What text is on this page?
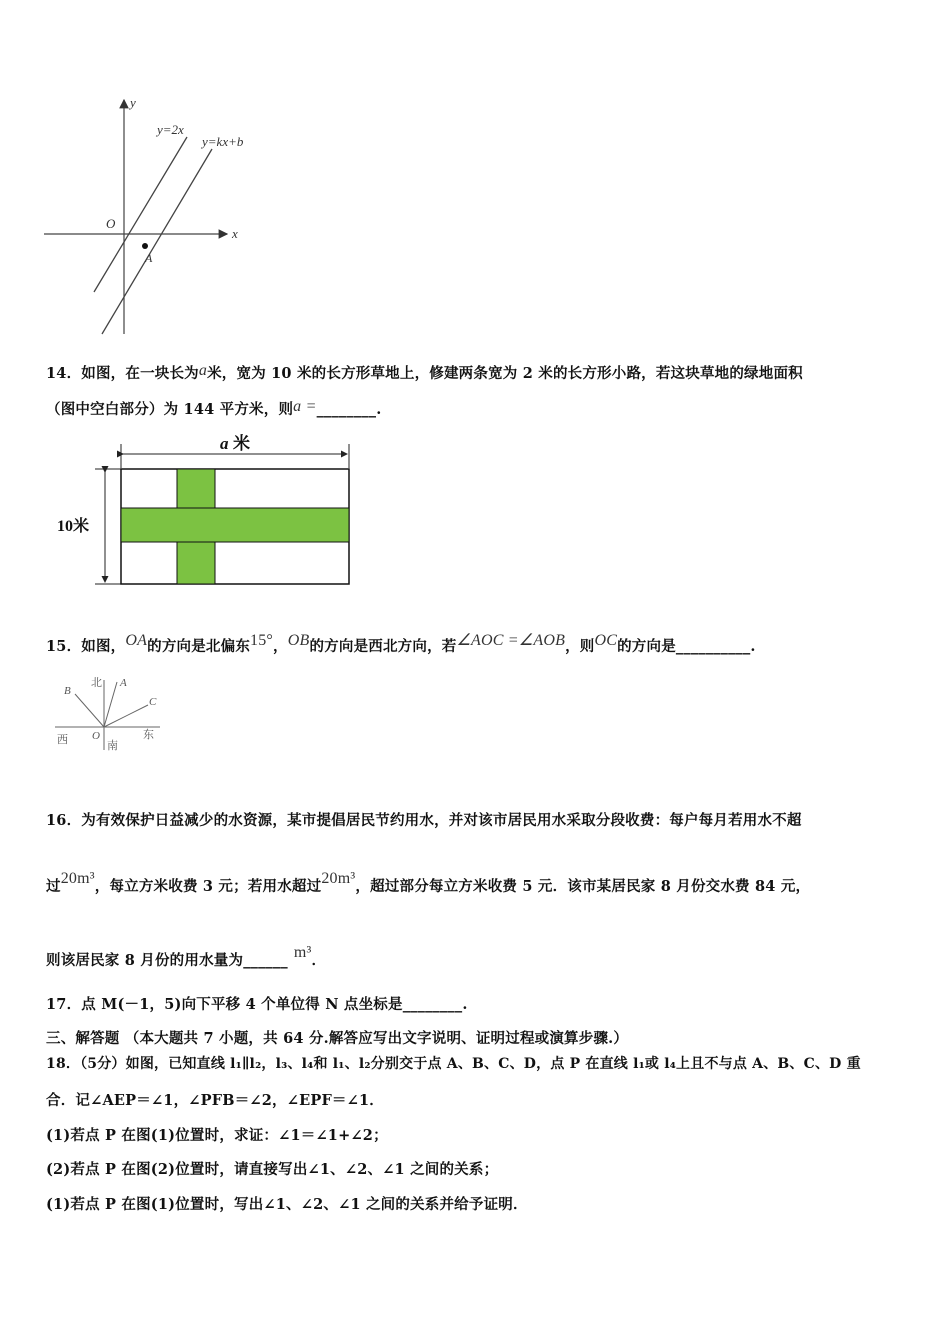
y
x
O
y=2x
y=kx+b
A
14．如图，在一块长为a米，宽为 10 米的长方形草地上，修建两条宽为 2 米的长方形小路，若这块草地的绿地面积
（图中空白部分）为 144 平方米，则a =________.
a 米
10米
15．如图，OA的方向是北偏东15°，OB的方向是西北方向，若∠AOC =∠AOB，则OC的方向是__________.
北 A
B
C
O
西	东
南
16．为有效保护日益减少的水资源，某市提倡居民节约用水，并对该市居民用水采取分段收费：每户每月若用水不超
过20m³，每立方米收费 3 元；若用水超过20m³，超过部分每立方米收费 5 元．该市某居民家 8 月份交水费 84 元，
则该居民家 8 月份的用水量为______ m³．
17．点 M(－1，5)向下平移 4 个单位得 N 点坐标是________.
三、解答题 （本大题共 7 小题，共 64 分.解答应写出文字说明、证明过程或演算步骤.）
18．（5分）如图，已知直线 l₁∥l₂，l₃、l₄和 l₁、l₂分别交于点 A、B、C、D，点 P 在直线 l₁或 l₄上且不与点 A、B、C、D 重
合．记∠AEP＝∠1，∠PFB＝∠2，∠EPF＝∠1．
(1)若点 P 在图(1)位置时，求证：∠1＝∠1+∠2；
(2)若点 P 在图(2)位置时，请直接写出∠1、∠2、∠1 之间的关系；
(1)若点 P 在图(1)位置时，写出∠1、∠2、∠1 之间的关系并给予证明．
